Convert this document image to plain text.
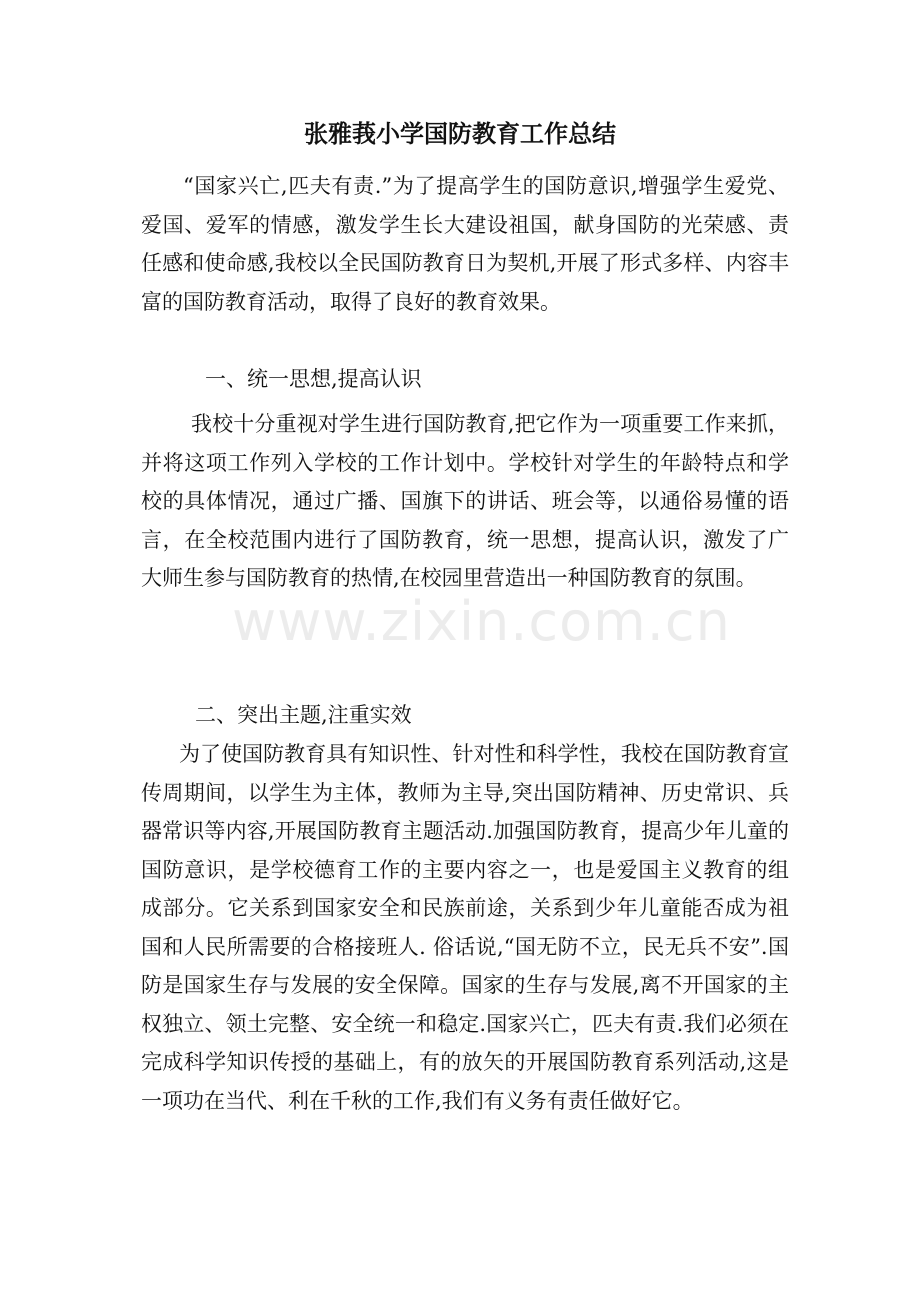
张雅莪小学国防教育工作总结
“国家兴亡,匹夫有责.”为了提高学生的国防意识,增强学生爱党、爱国、爱军的情感，激发学生长大建设祖国，献身国防的光荣感、责任感和使命感,我校以全民国防教育日为契机,开展了形式多样、内容丰富的国防教育活动，取得了良好的教育效果。
一、统一思想,提高认识
我校十分重视对学生进行国防教育,把它作为一项重要工作来抓，并将这项工作列入学校的工作计划中。学校针对学生的年龄特点和学校的具体情况，通过广播、国旗下的讲话、班会等，以通俗易懂的语言，在全校范围内进行了国防教育，统一思想，提高认识，激发了广大师生参与国防教育的热情,在校园里营造出一种国防教育的氛围。
二、突出主题,注重实效
为了使国防教育具有知识性、针对性和科学性，我校在国防教育宣传周期间，以学生为主体，教师为主导,突出国防精神、历史常识、兵器常识等内容,开展国防教育主题活动.加强国防教育，提高少年儿童的国防意识，是学校德育工作的主要内容之一，也是爱国主义教育的组成部分。它关系到国家安全和民族前途，关系到少年儿童能否成为祖国和人民所需要的合格接班人. 俗话说,“国无防不立，民无兵不安”.国防是国家生存与发展的安全保障。国家的生存与发展,离不开国家的主权独立、领土完整、安全统一和稳定.国家兴亡，匹夫有责.我们必须在完成科学知识传授的基础上，有的放矢的开展国防教育系列活动,这是一项功在当代、利在千秋的工作,我们有义务有责任做好它。
www.zixin.com.cn
